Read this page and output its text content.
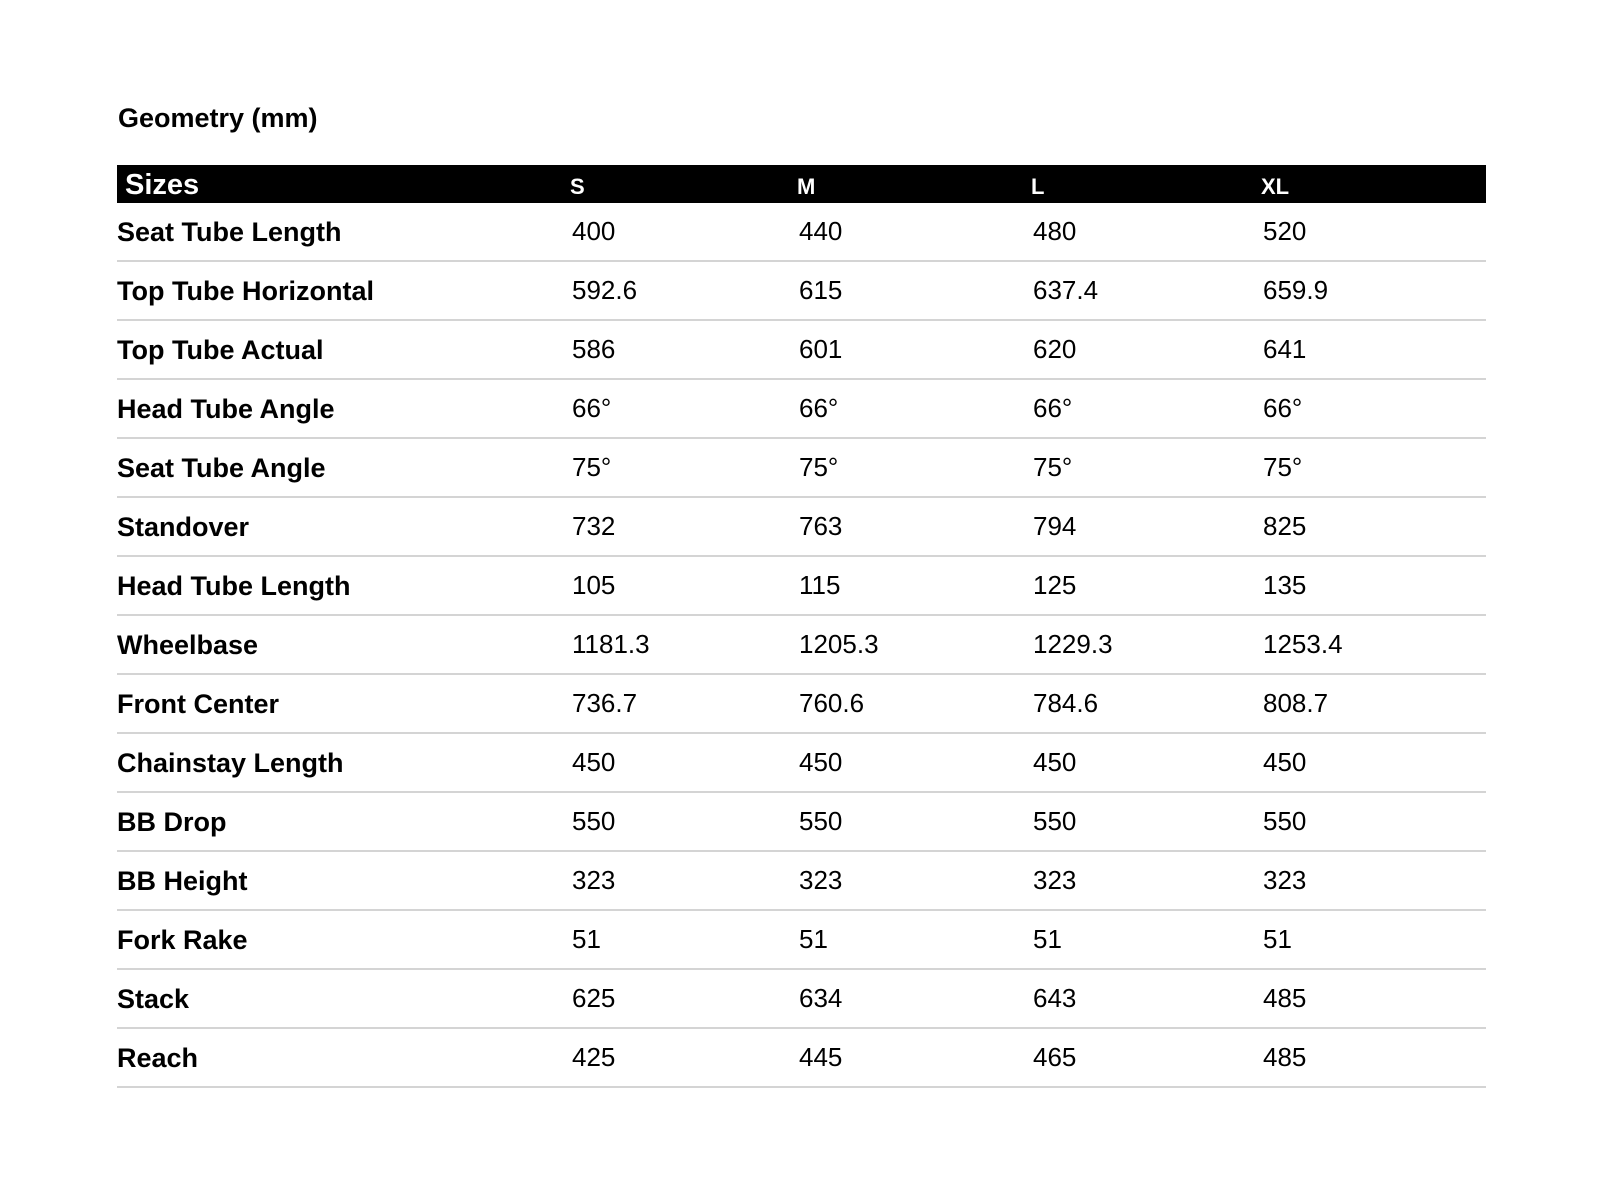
Geometry (mm)
Sizes	S	M	L	XL
Seat Tube Length	400	440	480	520
Top Tube Horizontal	592.6	615	637.4	659.9
Top Tube Actual	586	601	620	641
Head Tube Angle	66°	66°	66°	66°
Seat Tube Angle	75°	75°	75°	75°
Standover	732	763	794	825
Head Tube Length	105	115	125	135
Wheelbase	1181.3	1205.3	1229.3	1253.4
Front Center	736.7	760.6	784.6	808.7
Chainstay Length	450	450	450	450
BB Drop	550	550	550	550
BB Height	323	323	323	323
Fork Rake	51	51	51	51
Stack	625	634	643	485
Reach	425	445	465	485
